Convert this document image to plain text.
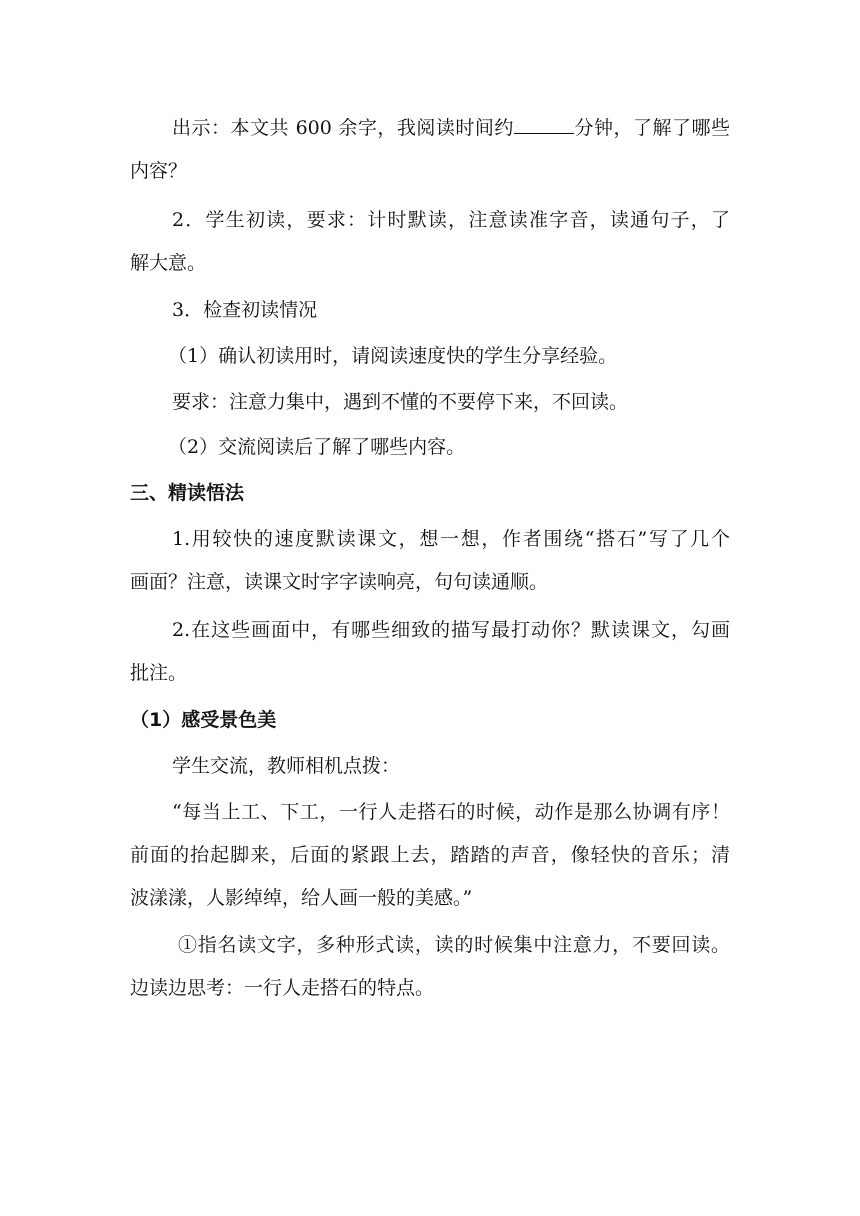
出示：本文共 600 余字，我阅读时间约	分钟，了解了哪些
内容？
2．学生初读，要求：计时默读，注意读准字音，读通句子，了
解大意。
3．检查初读情况
（1）确认初读用时，请阅读速度快的学生分享经验。
要求：注意力集中，遇到不懂的不要停下来，不回读。
（2）交流阅读后了解了哪些内容。
三、精读悟法
1.用较快的速度默读课文，想一想，作者围绕“搭石”写了几个
画面？注意，读课文时字字读响亮，句句读通顺。
2.在这些画面中，有哪些细致的描写最打动你？默读课文，勾画
批注。
（1）感受景色美
学生交流，教师相机点拨：
“每当上工、下工，一行人走搭石的时候，动作是那么协调有序！
前面的抬起脚来，后面的紧跟上去，踏踏的声音，像轻快的音乐；清
波漾漾，人影绰绰，给人画一般的美感。”
①指名读文字，多种形式读，读的时候集中注意力，不要回读。
边读边思考：一行人走搭石的特点。
